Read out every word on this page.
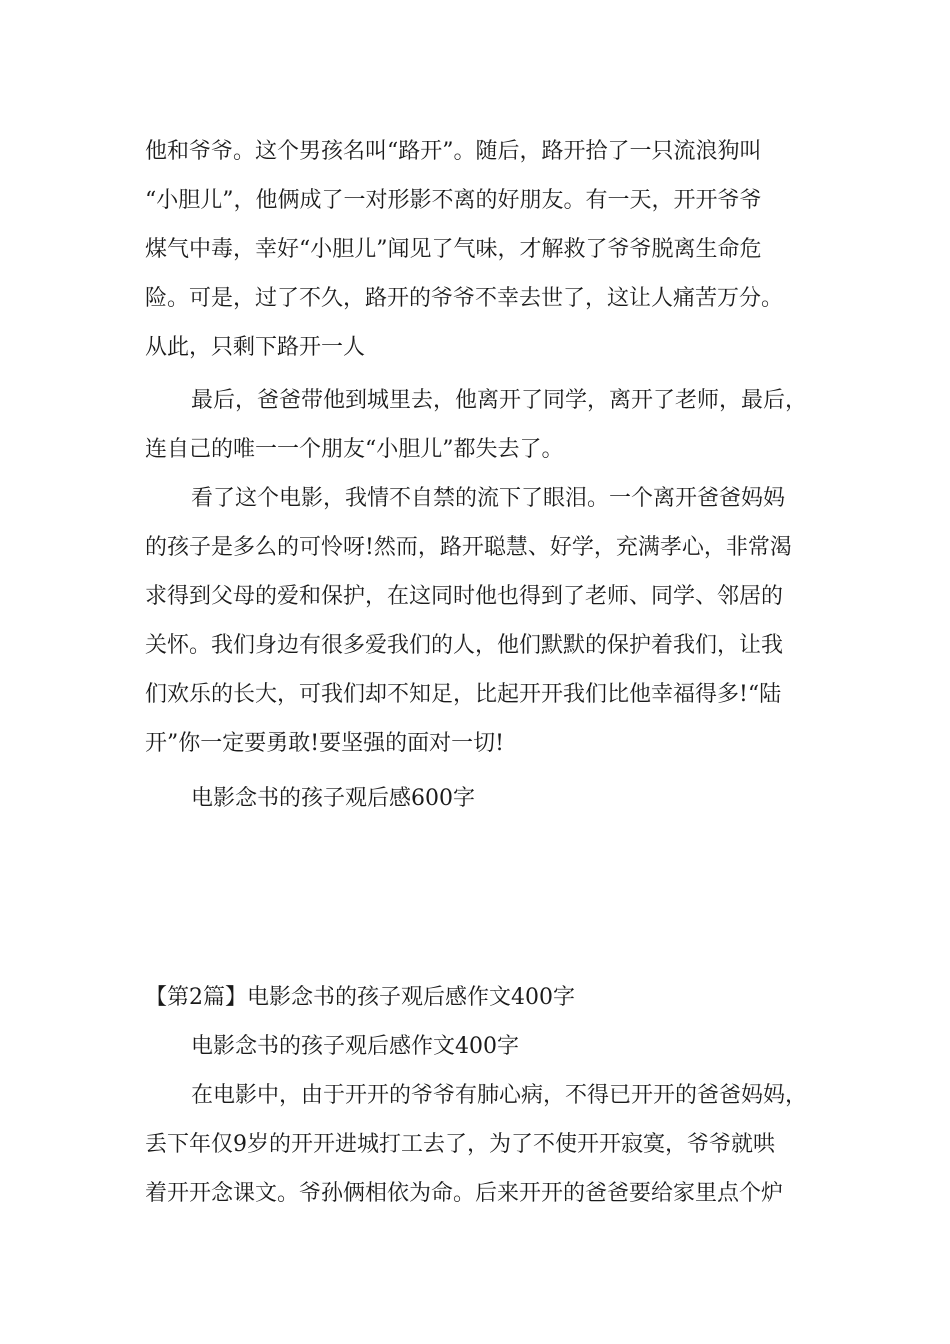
他和爷爷。这个男孩名叫“路开”。随后，路开拾了一只流浪狗叫
“小胆儿”，他俩成了一对形影不离的好朋友。有一天，开开爷爷
煤气中毒，幸好“小胆儿”闻见了气味，才解救了爷爷脱离生命危
险。可是，过了不久，路开的爷爷不幸去世了，这让人痛苦万分。
从此，只剩下路开一人
最后，爸爸带他到城里去，他离开了同学，离开了老师，最后，
连自己的唯一一个朋友“小胆儿”都失去了。
看了这个电影，我情不自禁的流下了眼泪。一个离开爸爸妈妈
的孩子是多么的可怜呀!然而，路开聪慧、好学，充满孝心，非常渴
求得到父母的爱和保护，在这同时他也得到了老师、同学、邻居的
关怀。我们身边有很多爱我们的人，他们默默的保护着我们，让我
们欢乐的长大，可我们却不知足，比起开开我们比他幸福得多!“陆
开”你一定要勇敢!要坚强的面对一切!
电影念书的孩子观后感600字
【第2篇】电影念书的孩子观后感作文400字
电影念书的孩子观后感作文400字
在电影中，由于开开的爷爷有肺心病，不得已开开的爸爸妈妈，
丢下年仅9岁的开开进城打工去了，为了不使开开寂寞，爷爷就哄
着开开念课文。爷孙俩相依为命。后来开开的爸爸要给家里点个炉
